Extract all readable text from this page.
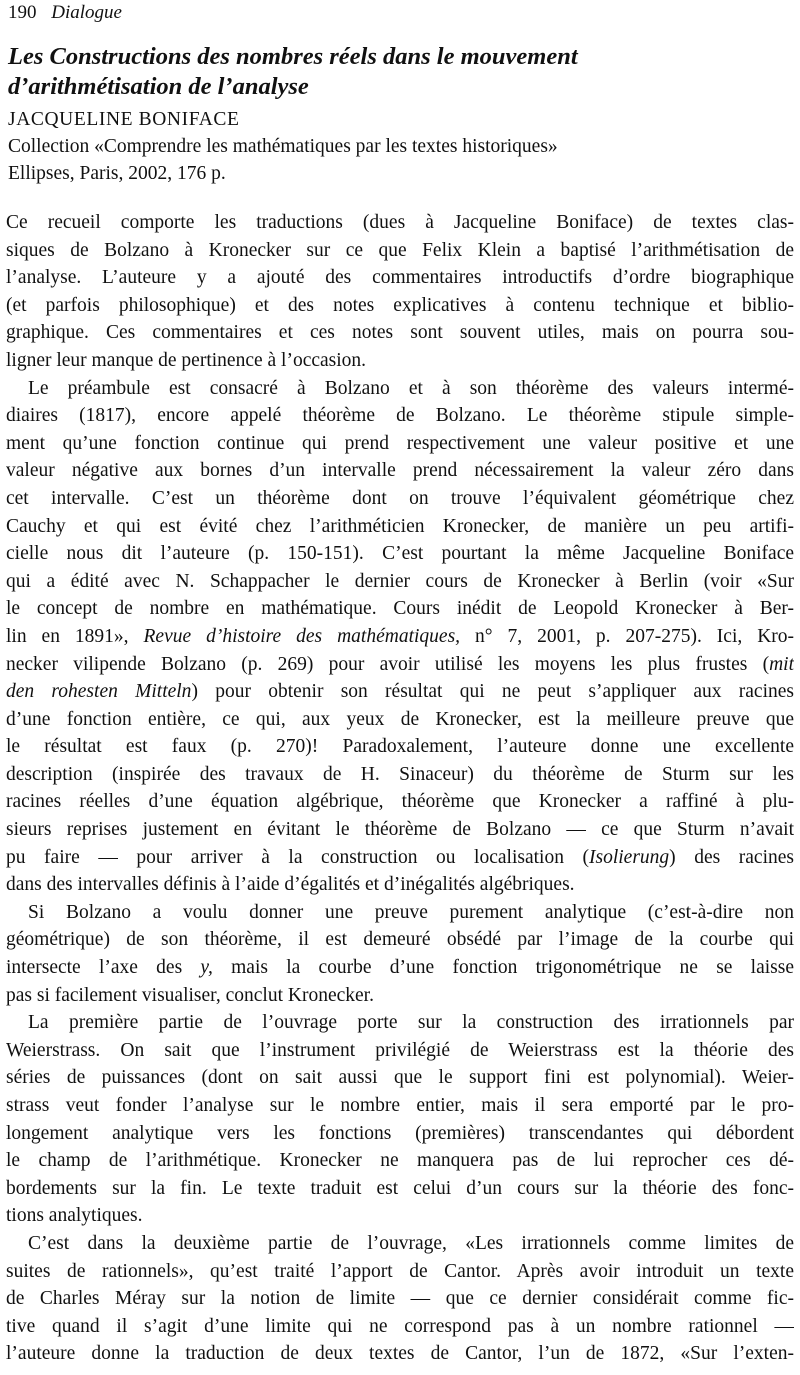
190 Dialogue
Les Constructions des nombres réels dans le mouvement
d’arithmétisation de l’analyse
JACQUELINE BONIFACE
Collection «Comprendre les mathématiques par les textes historiques»
Ellipses, Paris, 2002, 176 p.
Ce recueil comporte les traductions (dues à Jacqueline Boniface) de textes clas-
siques de Bolzano à Kronecker sur ce que Felix Klein a baptisé l’arithmétisation de
l’analyse. L’auteure y a ajouté des commentaires introductifs d’ordre biographique
(et parfois philosophique) et des notes explicatives à contenu technique et biblio-
graphique. Ces commentaires et ces notes sont souvent utiles, mais on pourra sou-
ligner leur manque de pertinence à l’occasion.
Le préambule est consacré à Bolzano et à son théorème des valeurs intermé-
diaires (1817), encore appelé théorème de Bolzano. Le théorème stipule simple-
ment qu’une fonction continue qui prend respectivement une valeur positive et une
valeur négative aux bornes d’un intervalle prend nécessairement la valeur zéro dans
cet intervalle. C’est un théorème dont on trouve l’équivalent géométrique chez
Cauchy et qui est évité chez l’arithméticien Kronecker, de manière un peu artifi-
cielle nous dit l’auteure (p. 150-151). C’est pourtant la même Jacqueline Boniface
qui a édité avec N. Schappacher le dernier cours de Kronecker à Berlin (voir «Sur
le concept de nombre en mathématique. Cours inédit de Leopold Kronecker à Ber-
lin en 1891», Revue d’histoire des mathématiques, n° 7, 2001, p. 207-275). Ici, Kro-
necker vilipende Bolzano (p. 269) pour avoir utilisé les moyens les plus frustes (mit
den rohesten Mitteln) pour obtenir son résultat qui ne peut s’appliquer aux racines
d’une fonction entière, ce qui, aux yeux de Kronecker, est la meilleure preuve que
le résultat est faux (p. 270)! Paradoxalement, l’auteure donne une excellente
description (inspirée des travaux de H. Sinaceur) du théorème de Sturm sur les
racines réelles d’une équation algébrique, théorème que Kronecker a raffiné à plu-
sieurs reprises justement en évitant le théorème de Bolzano — ce que Sturm n’avait
pu faire — pour arriver à la construction ou localisation (Isolierung) des racines
dans des intervalles définis à l’aide d’égalités et d’inégalités algébriques.
Si Bolzano a voulu donner une preuve purement analytique (c’est-à-dire non
géométrique) de son théorème, il est demeuré obsédé par l’image de la courbe qui
intersecte l’axe des y, mais la courbe d’une fonction trigonométrique ne se laisse
pas si facilement visualiser, conclut Kronecker.
La première partie de l’ouvrage porte sur la construction des irrationnels par
Weierstrass. On sait que l’instrument privilégié de Weierstrass est la théorie des
séries de puissances (dont on sait aussi que le support fini est polynomial). Weier-
strass veut fonder l’analyse sur le nombre entier, mais il sera emporté par le pro-
longement analytique vers les fonctions (premières) transcendantes qui débordent
le champ de l’arithmétique. Kronecker ne manquera pas de lui reprocher ces dé-
bordements sur la fin. Le texte traduit est celui d’un cours sur la théorie des fonc-
tions analytiques.
C’est dans la deuxième partie de l’ouvrage, «Les irrationnels comme limites de
suites de rationnels», qu’est traité l’apport de Cantor. Après avoir introduit un texte
de Charles Méray sur la notion de limite — que ce dernier considérait comme fic-
tive quand il s’agit d’une limite qui ne correspond pas à un nombre rationnel —
l’auteure donne la traduction de deux textes de Cantor, l’un de 1872, «Sur l’exten-
